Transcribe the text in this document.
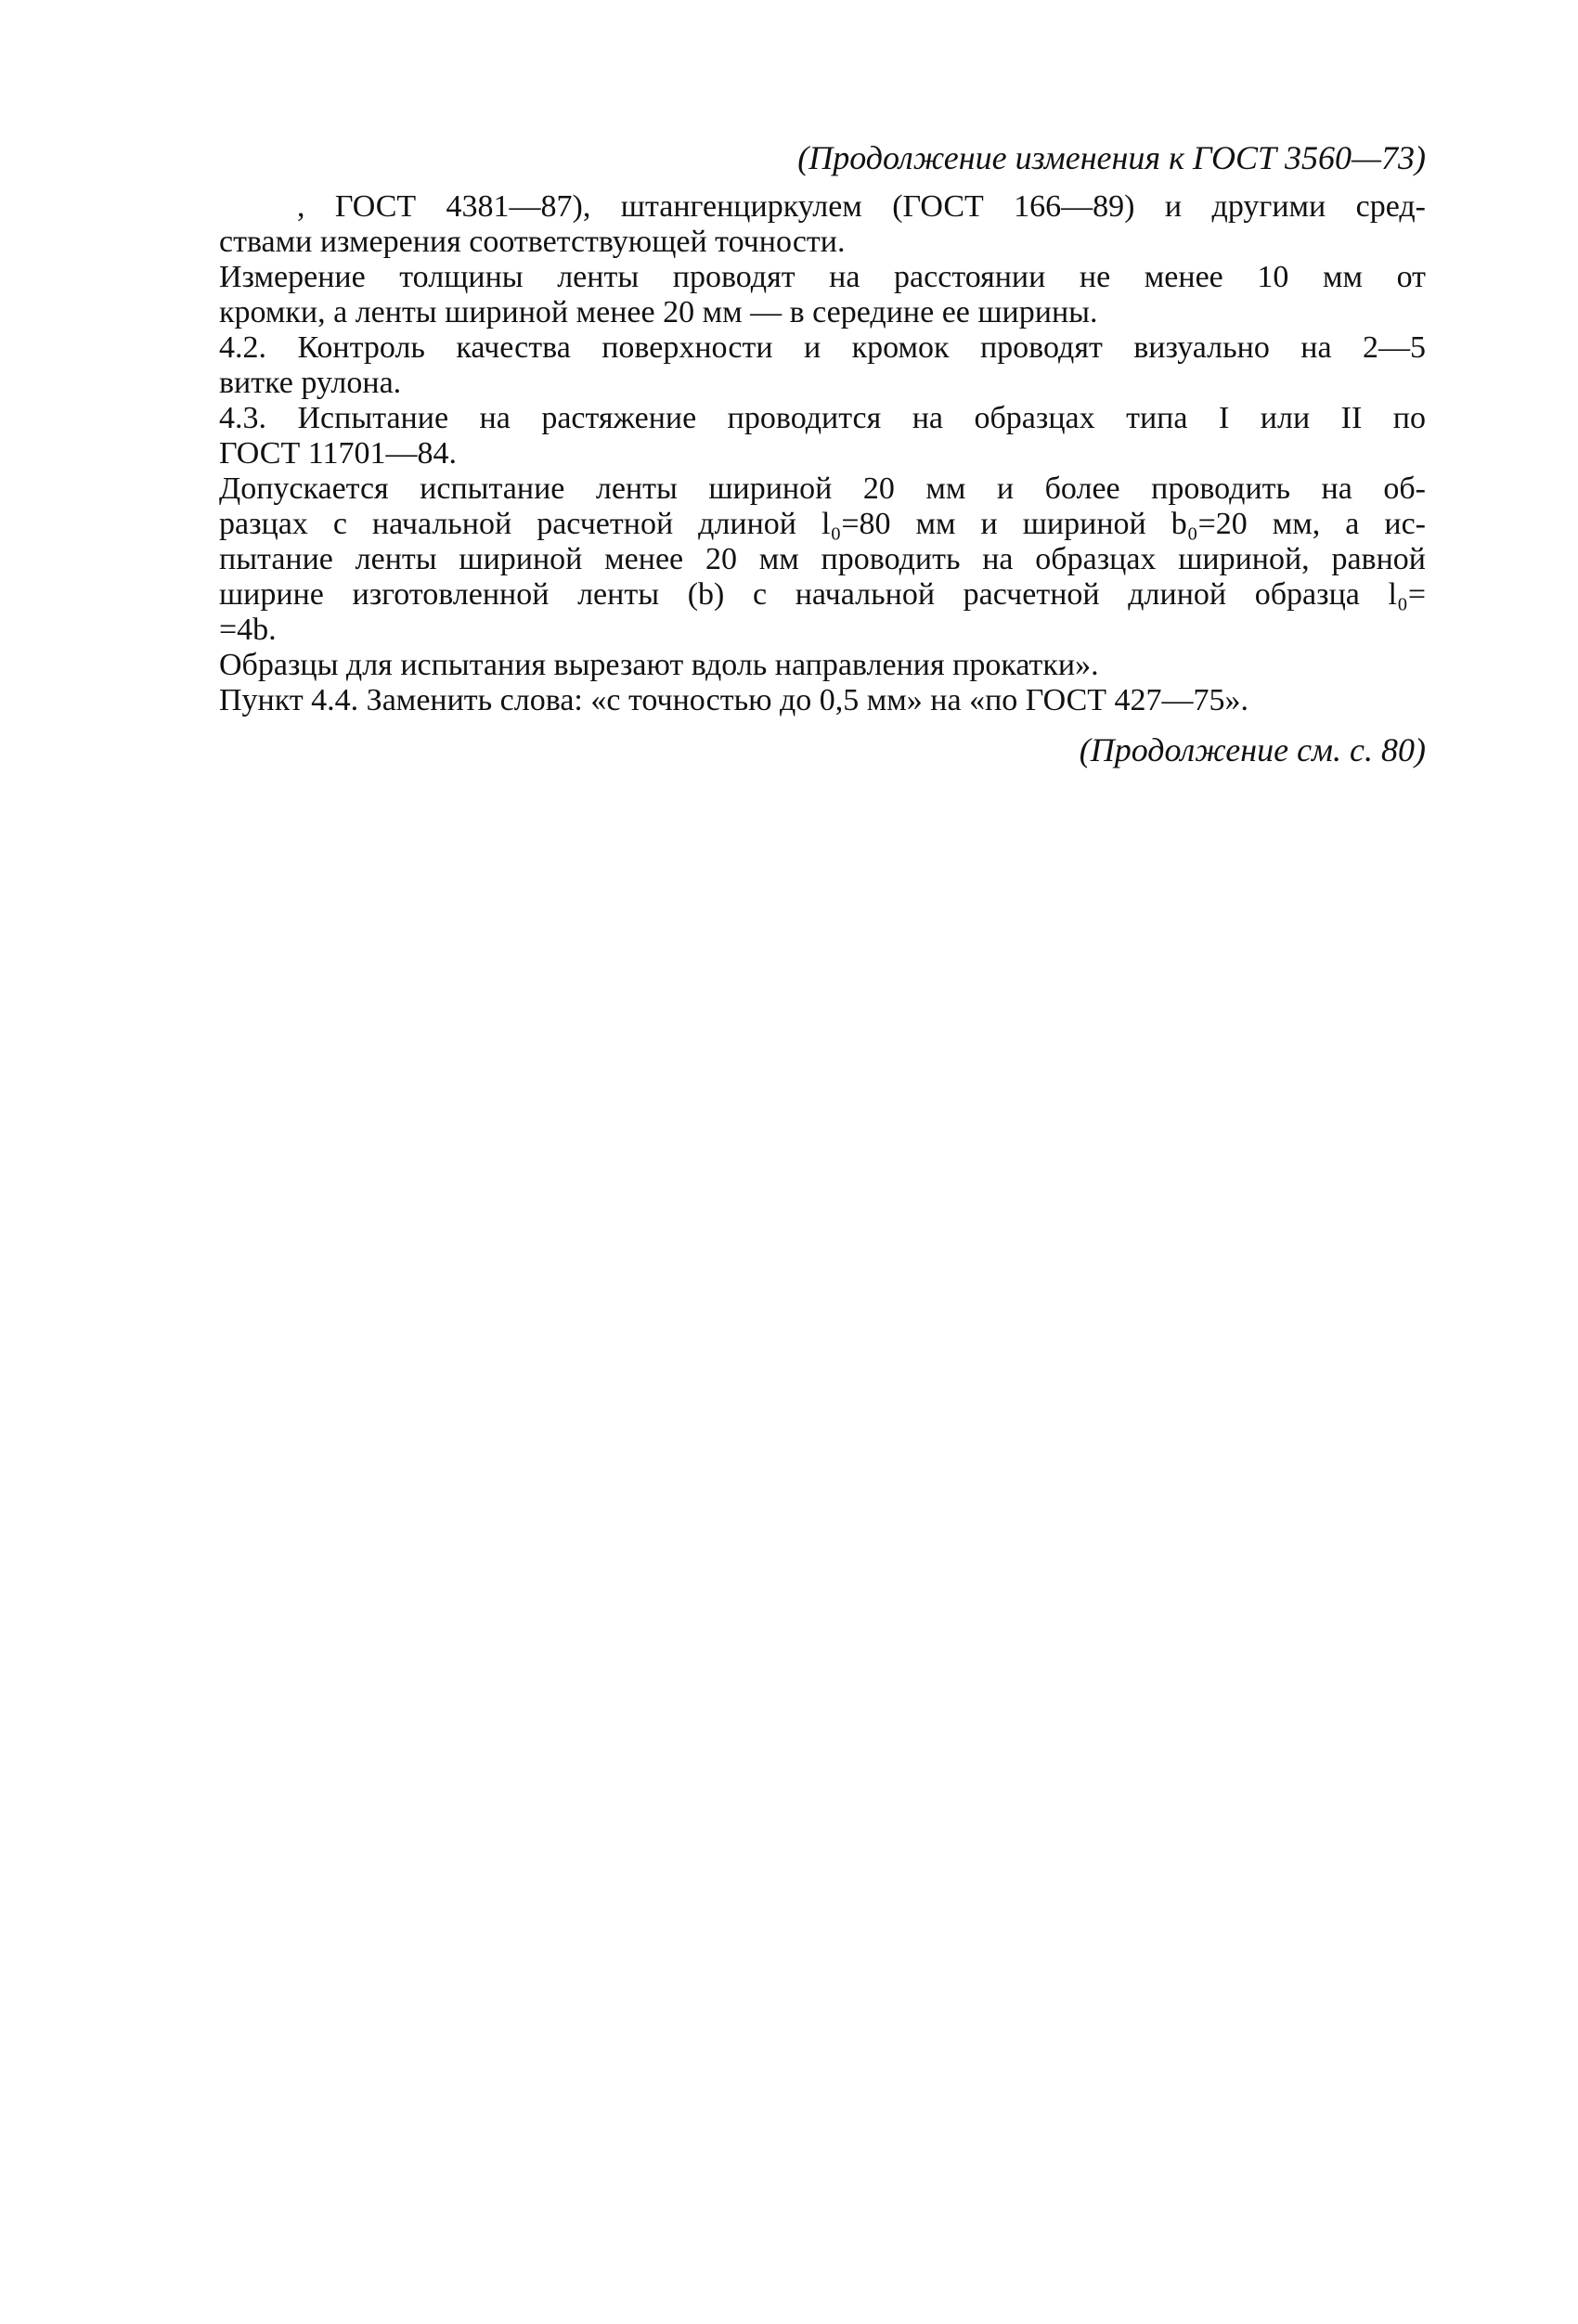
(Продолжение изменения к ГОСТ 3560—73)
, ГОСТ 4381—87), штангенциркулем (ГОСТ 166—89) и другими сред-
ствами измерения соответствующей точности.
Измерение толщины ленты проводят на расстоянии не менее 10 мм от
кромки, а ленты шириной менее 20 мм — в середине ее ширины.
4.2. Контроль качества поверхности и кромок проводят визуально на 2—5
витке рулона.
4.3. Испытание на растяжение проводится на образцах типа I или II по
ГОСТ 11701—84.
Допускается испытание ленты шириной 20 мм и более проводить на об-
разцах с начальной расчетной длиной l₀=80 мм и шириной b₀=20 мм, а ис-
пытание ленты шириной менее 20 мм проводить на образцах шириной, равной
ширине изготовленной ленты (b) с начальной расчетной длиной образца l₀=
=4b.
Образцы для испытания вырезают вдоль направления прокатки».
Пункт 4.4. Заменить слова: «с точностью до 0,5 мм» на «по ГОСТ 427—75».
(Продолжение см. с. 80)
